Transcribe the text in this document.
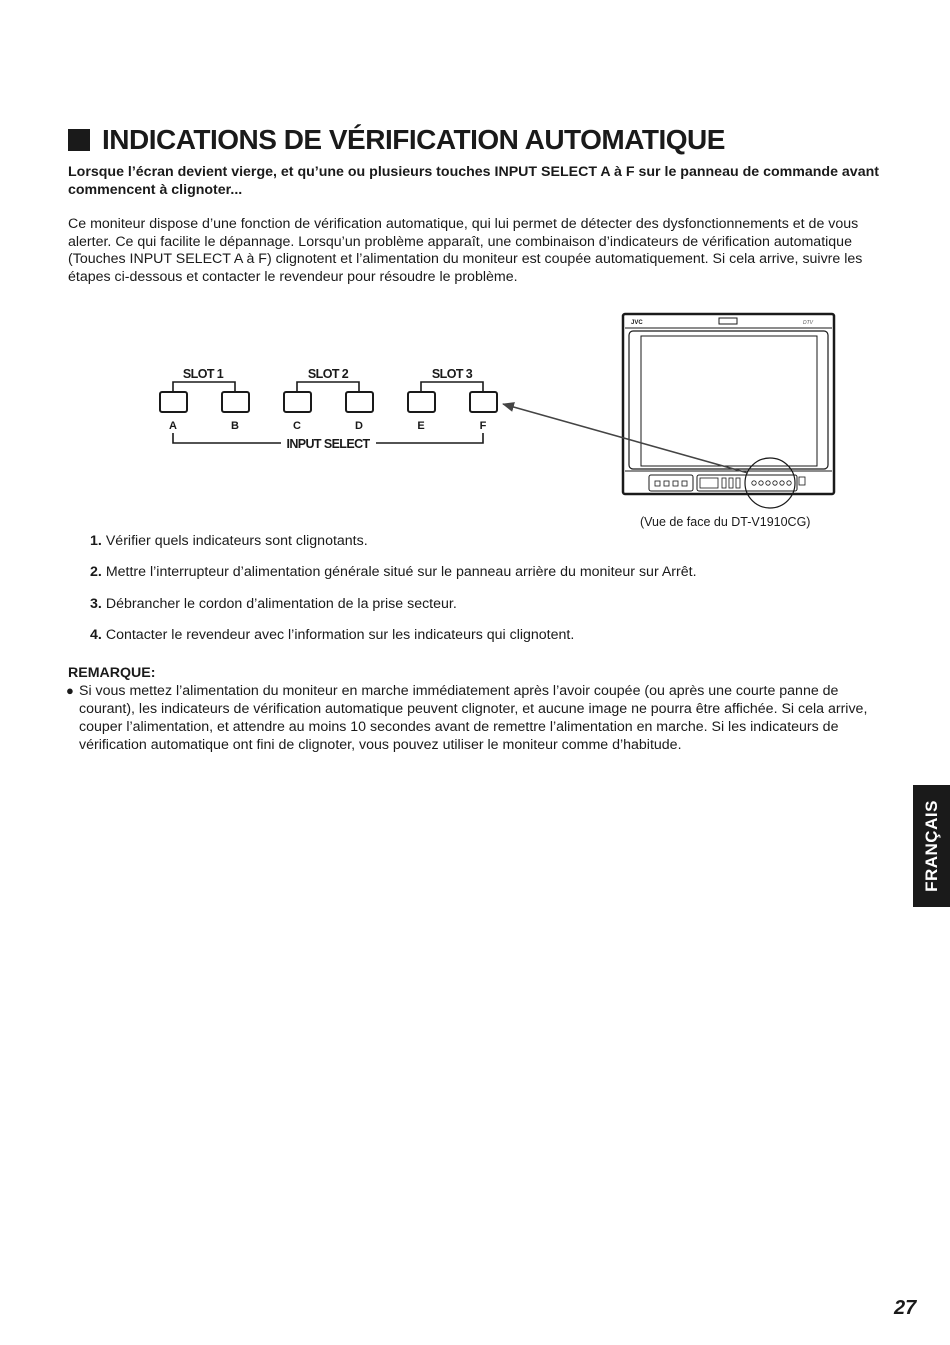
INDICATIONS DE VÉRIFICATION AUTOMATIQUE

Lorsque l’écran devient vierge, et qu’une ou plusieurs touches INPUT SELECT A à F sur le panneau de commande avant commencent à clignoter...

Ce moniteur dispose d’une fonction de vérification automatique, qui lui permet de détecter des dysfonctionnements et de vous alerter. Ce qui facilite le dépannage. Lorsqu’un problème apparaît, une combinaison d’indicateurs de vérification automatique (Touches INPUT SELECT A à F) clignotent et l’alimentation du moniteur est coupée automatiquement. Si cela arrive, suivre les étapes ci-dessous et contacter le revendeur pour résoudre le problème.

SLOT 1
A	B
SLOT 2
C	D
SLOT 3
E	F
INPUT SELECT
JVC	DTV
(Vue de face du DT-V1910CG)
1. Vérifier quels indicateurs sont clignotants.
2. Mettre l’interrupteur d’alimentation générale situé sur le panneau arrière du moniteur sur Arrêt.
3. Débrancher le cordon d’alimentation de la prise secteur.
4. Contacter le revendeur avec l’information sur les indicateurs qui clignotent.
REMARQUE:
● Si vous mettez l’alimentation du moniteur en marche immédiatement après l’avoir coupée (ou après une courte panne de courant), les indicateurs de vérification automatique peuvent clignoter, et aucune image ne pourra être affichée. Si cela arrive, couper l’alimentation, et attendre au moins 10 secondes avant de remettre l’alimentation en marche. Si les indicateurs de vérification automatique ont fini de clignoter, vous pouvez utiliser le moniteur comme d’habitude.

FRANÇAIS
27
